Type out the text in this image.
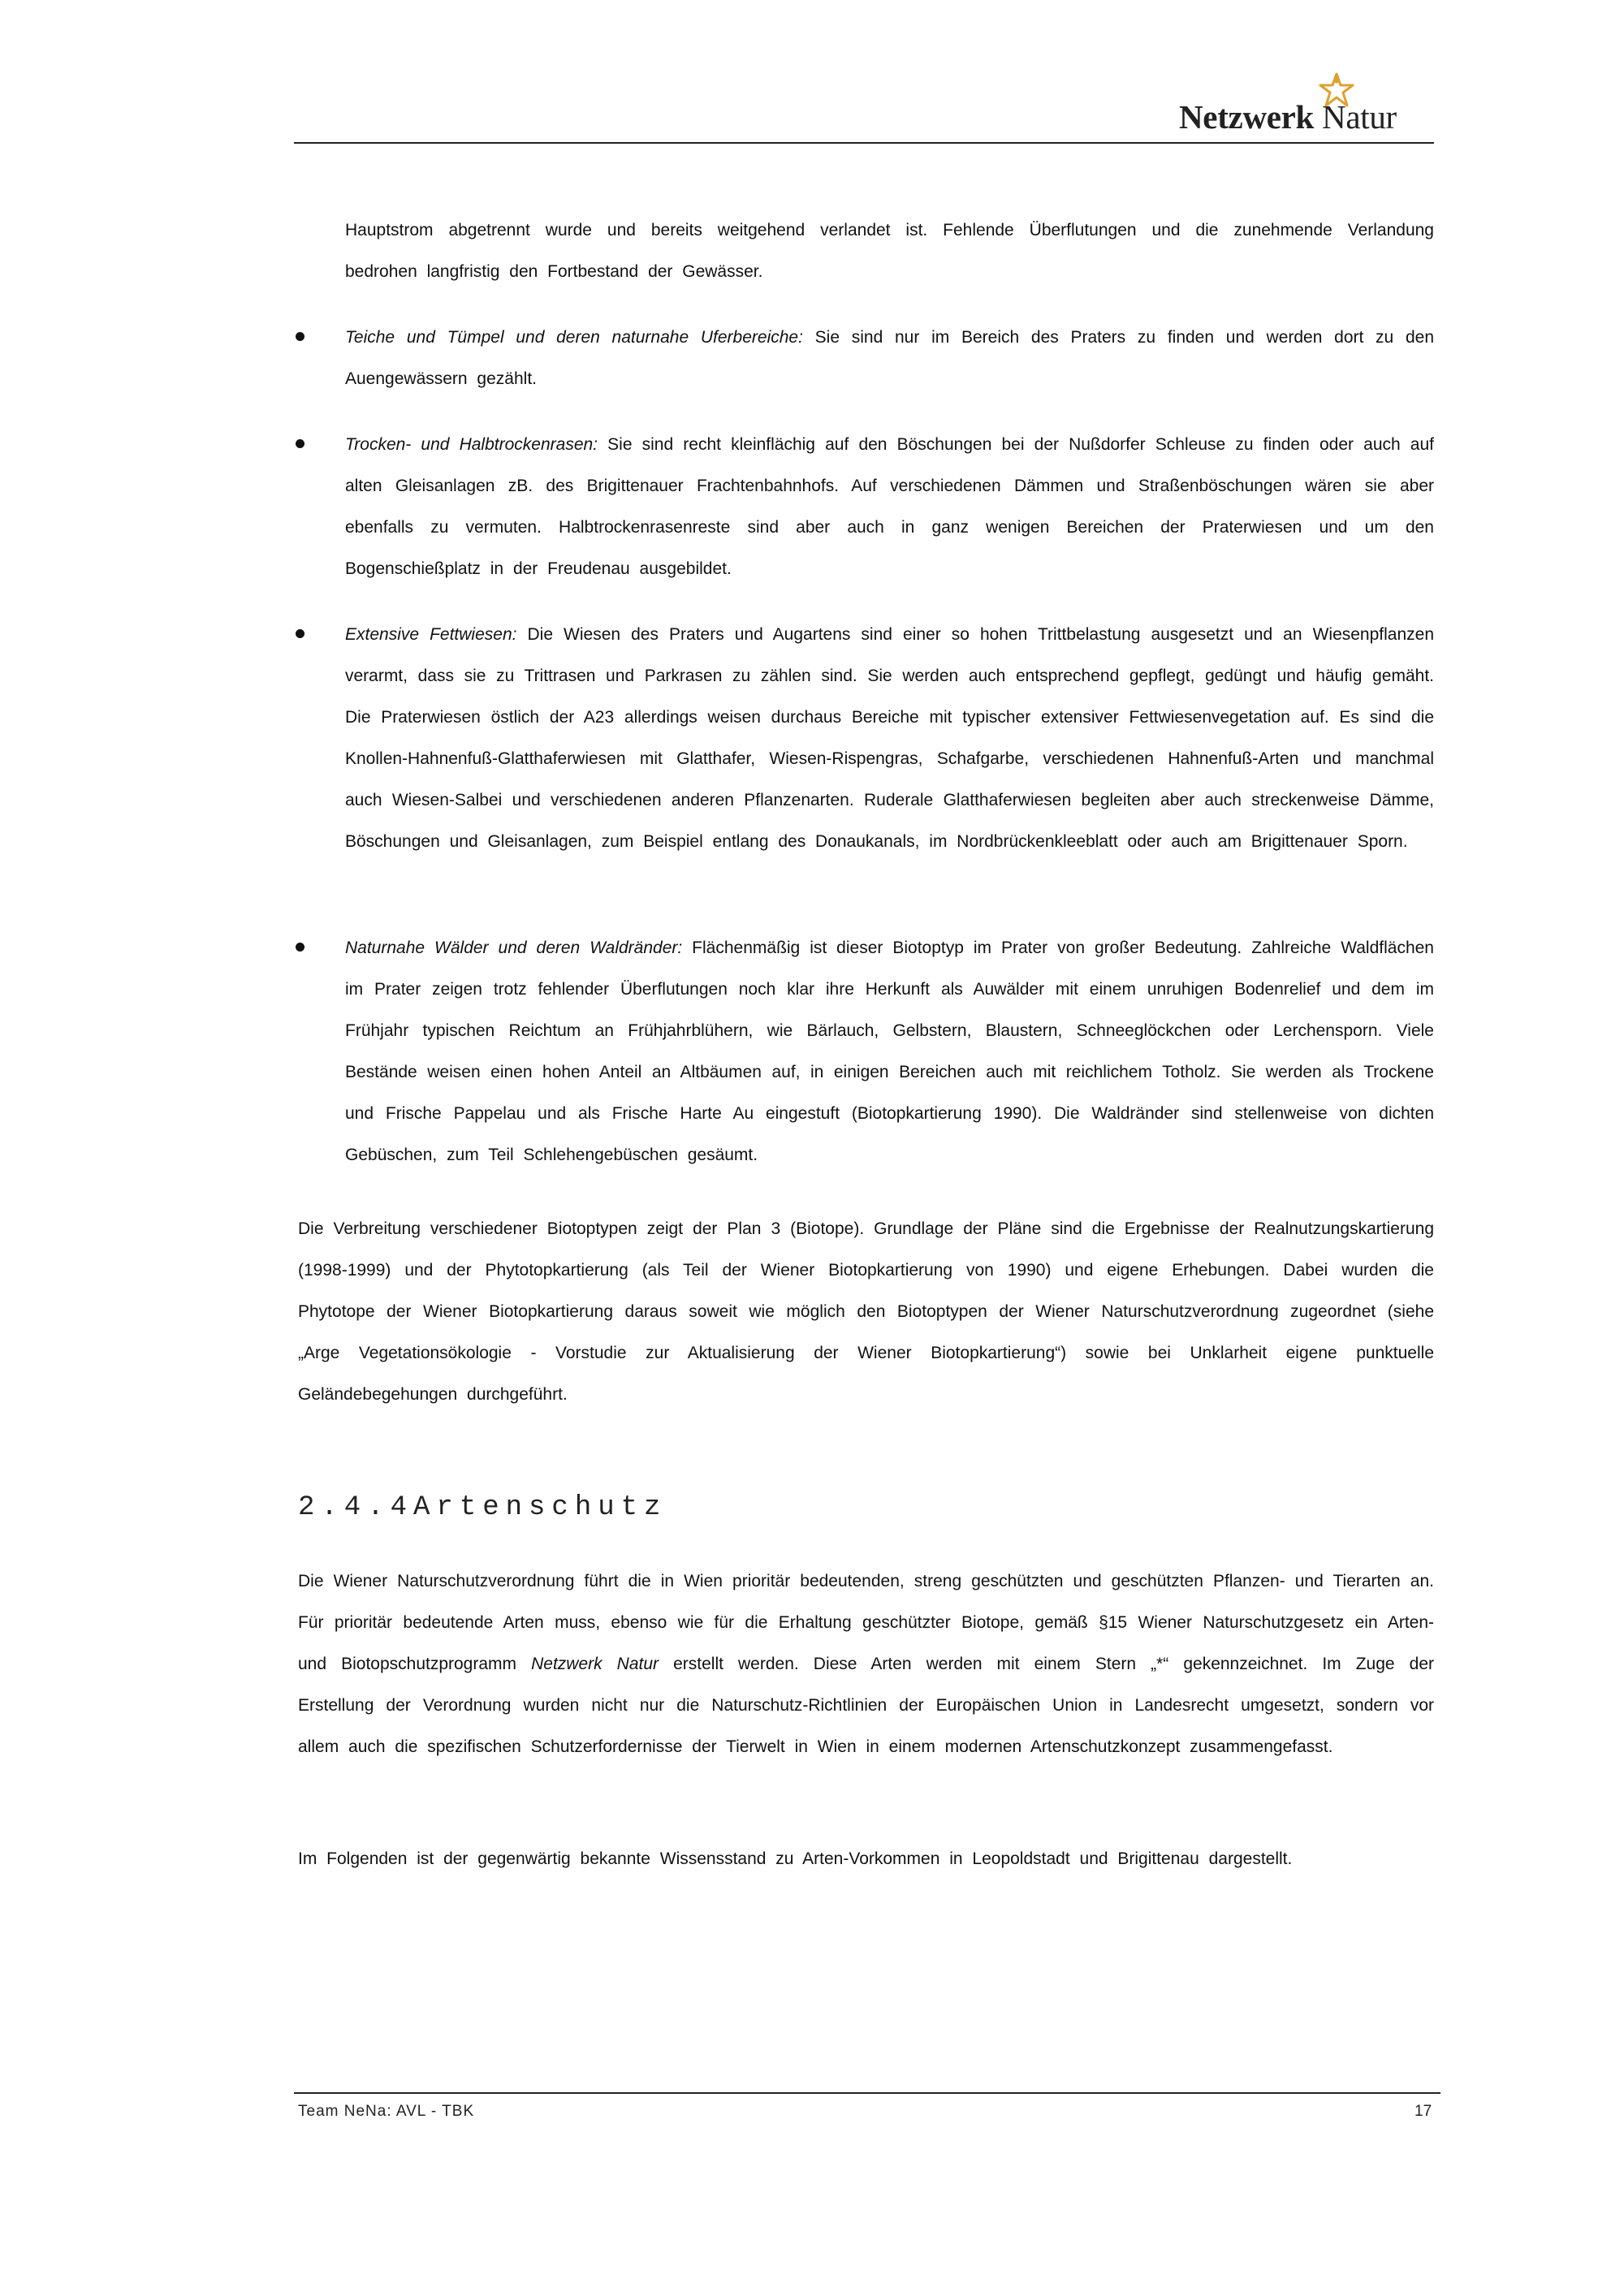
Netzwerk Natur
Hauptstrom abgetrennt wurde und bereits weitgehend verlandet ist. Fehlende Überflutungen und die zunehmende Verlandung bedrohen langfristig den Fortbestand der Gewässer.
Teiche und Tümpel und deren naturnahe Uferbereiche: Sie sind nur im Bereich des Praters zu finden und werden dort zu den Auengewässern gezählt.
Trocken- und Halbtrockenrasen: Sie sind recht kleinflächig auf den Böschungen bei der Nußdorfer Schleuse zu finden oder auch auf alten Gleisanlagen zB. des Brigittenauer Frachtenbahnhofs. Auf verschiedenen Dämmen und Straßenböschungen wären sie aber ebenfalls zu vermuten. Halbtrockenrasenreste sind aber auch in ganz wenigen Bereichen der Praterwiesen und um den Bogenschießplatz in der Freudenau ausgebildet.
Extensive Fettwiesen: Die Wiesen des Praters und Augartens sind einer so hohen Trittbelastung ausgesetzt und an Wiesenpflanzen verarmt, dass sie zu Trittrasen und Parkrasen zu zählen sind. Sie werden auch entsprechend gepflegt, gedüngt und häufig gemäht. Die Praterwiesen östlich der A23 allerdings weisen durchaus Bereiche mit typischer extensiver Fettwiesenvegetation auf. Es sind die Knollen-Hahnenfuß-Glatthaferwiesen mit Glatthafer, Wiesen-Rispengras, Schafgarbe, verschiedenen Hahnenfuß-Arten und manchmal auch Wiesen-Salbei und verschiedenen anderen Pflanzenarten. Ruderale Glatthaferwiesen begleiten aber auch streckenweise Dämme, Böschungen und Gleisanlagen, zum Beispiel entlang des Donaukanals, im Nordbrückenkleeblatt oder auch am Brigittenauer Sporn.
Naturnahe Wälder und deren Waldränder: Flächenmäßig ist dieser Biotoptyp im Prater von großer Bedeutung. Zahlreiche Waldflächen im Prater zeigen trotz fehlender Überflutungen noch klar ihre Herkunft als Auwälder mit einem unruhigen Bodenrelief und dem im Frühjahr typischen Reichtum an Frühjahrblühern, wie Bärlauch, Gelbstern, Blaustern, Schneeglöckchen oder Lerchensporn. Viele Bestände weisen einen hohen Anteil an Altbäumen auf, in einigen Bereichen auch mit reichlichem Totholz. Sie werden als Trockene und Frische Pappelau und als Frische Harte Au eingestuft (Biotopkartierung 1990). Die Waldränder sind stellenweise von dichten Gebüschen, zum Teil Schlehengebüschen gesäumt.
Die Verbreitung verschiedener Biotoptypen zeigt der Plan 3 (Biotope). Grundlage der Pläne sind die Ergebnisse der Realnutzungskartierung (1998-1999) und der Phytotopkartierung (als Teil der Wiener Biotopkartierung von 1990) und eigene Erhebungen. Dabei wurden die Phytotope der Wiener Biotopkartierung daraus soweit wie möglich den Biotoptypen der Wiener Naturschutzverordnung zugeordnet (siehe „Arge Vegetationsökologie - Vorstudie zur Aktualisierung der Wiener Biotopkartierung“) sowie bei Unklarheit eigene punktuelle Geländebegehungen durchgeführt.
2.4.4Artenschutz
Die Wiener Naturschutzverordnung führt die in Wien prioritär bedeutenden, streng geschützten und geschützten Pflanzen- und Tierarten an. Für prioritär bedeutende Arten muss, ebenso wie für die Erhaltung geschützter Biotope, gemäß §15 Wiener Naturschutzgesetz ein Arten- und Biotopschutzprogramm Netzwerk Natur erstellt werden. Diese Arten werden mit einem Stern „*“ gekennzeichnet. Im Zuge der Erstellung der Verordnung wurden nicht nur die Naturschutz-Richtlinien der Europäischen Union in Landesrecht umgesetzt, sondern vor allem auch die spezifischen Schutzerfordernisse der Tierwelt in Wien in einem modernen Artenschutzkonzept zusammengefasst.
Im Folgenden ist der gegenwärtig bekannte Wissensstand zu Arten-Vorkommen in Leopoldstadt und Brigittenau dargestellt.
Team NeNa: AVL - TBK	17
